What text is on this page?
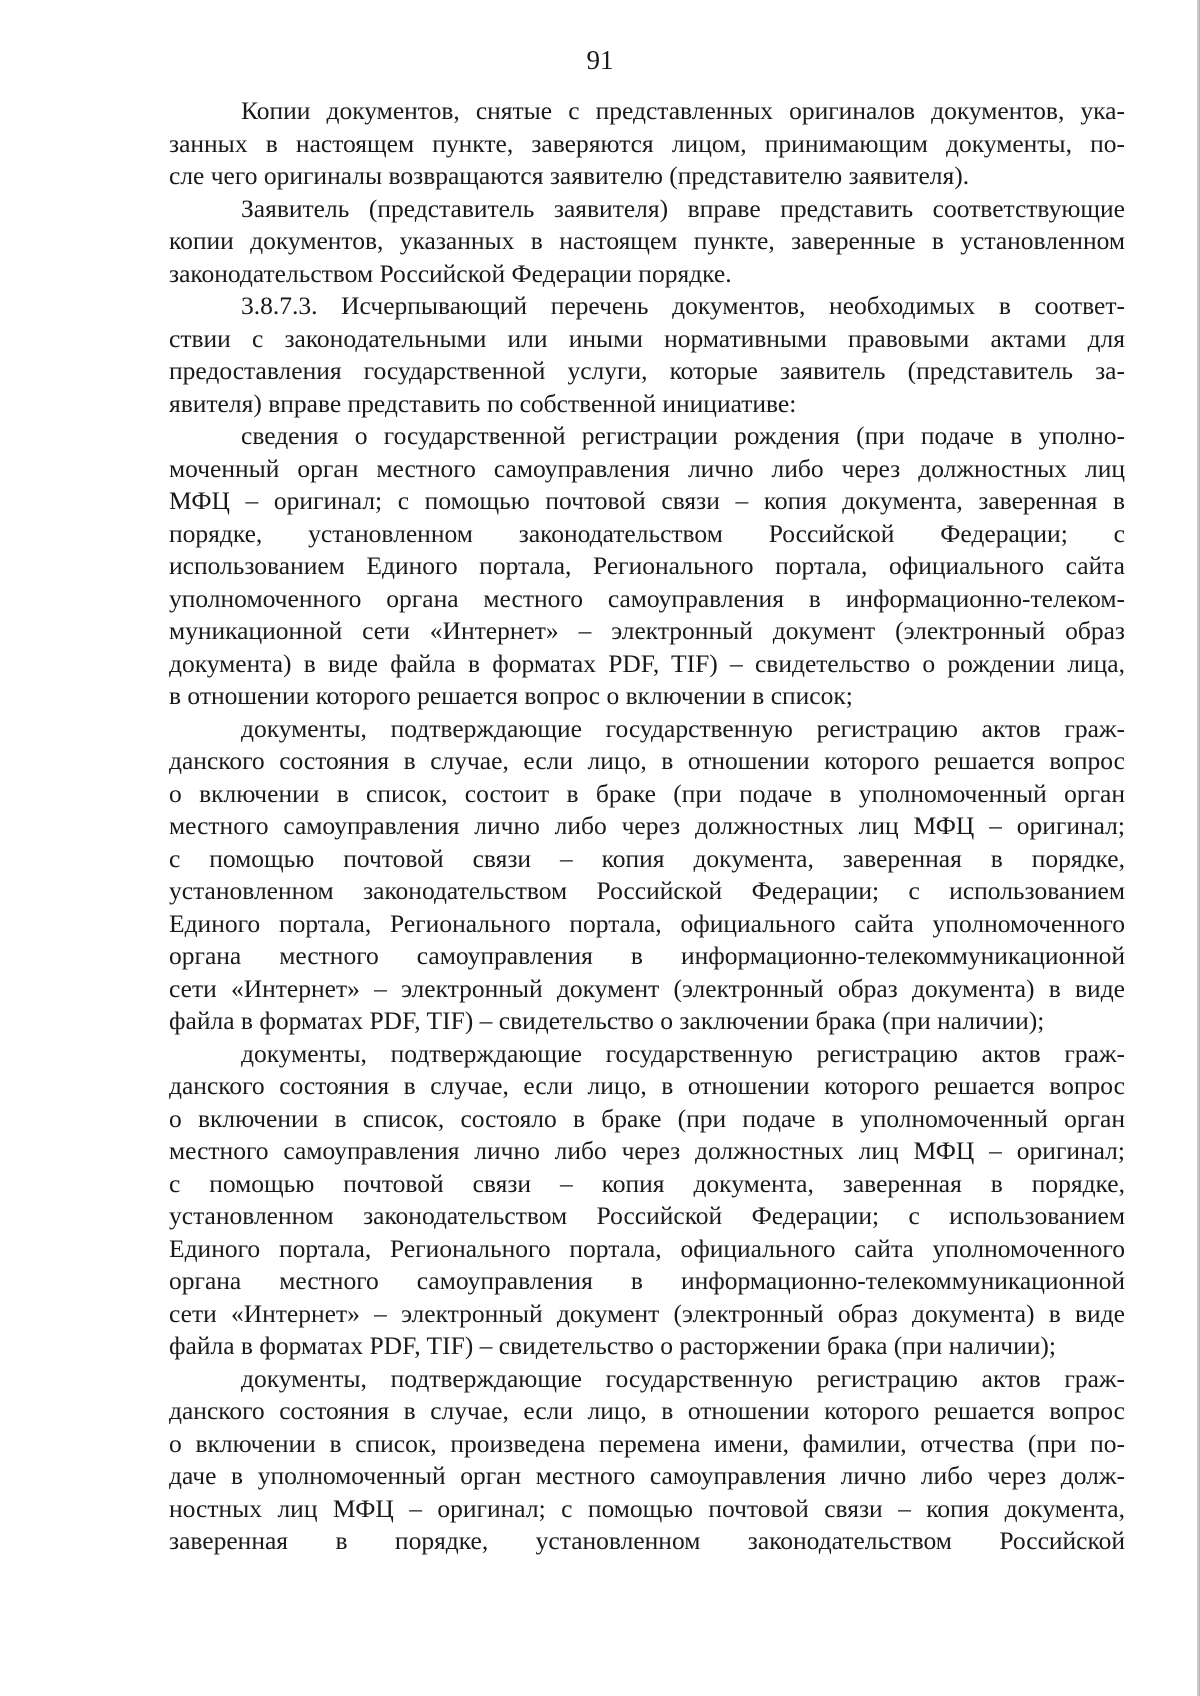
91
Копии документов, снятые с представленных оригиналов документов, ука-
занных в настоящем пункте, заверяются лицом, принимающим документы, по-
сле чего оригиналы возвращаются заявителю (представителю заявителя).
Заявитель (представитель заявителя) вправе представить соответствующие
копии документов, указанных в настоящем пункте, заверенные в установленном
законодательством Российской Федерации порядке.
3.8.7.3. Исчерпывающий перечень документов, необходимых в соответ-
ствии с законодательными или иными нормативными правовыми актами для
предоставления государственной услуги, которые заявитель (представитель за-
явителя) вправе представить по собственной инициативе:
сведения о государственной регистрации рождения (при подаче в уполно-
моченный орган местного самоуправления лично либо через должностных лиц
МФЦ – оригинал; с помощью почтовой связи – копия документа, заверенная в
порядке, установленном законодательством Российской Федерации; с
использованием Единого портала, Регионального портала, официального сайта
уполномоченного органа местного самоуправления в информационно-телеком-
муникационной сети «Интернет» – электронный документ (электронный образ
документа) в виде файла в форматах PDF, TIF) – свидетельство о рождении лица,
в отношении которого решается вопрос о включении в список;
документы, подтверждающие государственную регистрацию актов граж-
данского состояния в случае, если лицо, в отношении которого решается вопрос
о включении в список, состоит в браке (при подаче в уполномоченный орган
местного самоуправления лично либо через должностных лиц МФЦ – оригинал;
с помощью почтовой связи – копия документа, заверенная в порядке,
установленном законодательством Российской Федерации; с использованием
Единого портала, Регионального портала, официального сайта уполномоченного
органа местного самоуправления в информационно-телекоммуникационной
сети «Интернет» – электронный документ (электронный образ документа) в виде
файла в форматах PDF, TIF) – свидетельство о заключении брака (при наличии);
документы, подтверждающие государственную регистрацию актов граж-
данского состояния в случае, если лицо, в отношении которого решается вопрос
о включении в список, состояло в браке (при подаче в уполномоченный орган
местного самоуправления лично либо через должностных лиц МФЦ – оригинал;
с помощью почтовой связи – копия документа, заверенная в порядке,
установленном законодательством Российской Федерации; с использованием
Единого портала, Регионального портала, официального сайта уполномоченного
органа местного самоуправления в информационно-телекоммуникационной
сети «Интернет» – электронный документ (электронный образ документа) в виде
файла в форматах PDF, TIF) – свидетельство о расторжении брака (при наличии);
документы, подтверждающие государственную регистрацию актов граж-
данского состояния в случае, если лицо, в отношении которого решается вопрос
о включении в список, произведена перемена имени, фамилии, отчества (при по-
даче в уполномоченный орган местного самоуправления лично либо через долж-
ностных лиц МФЦ – оригинал; с помощью почтовой связи – копия документа,
заверенная в порядке, установленном законодательством Российской
